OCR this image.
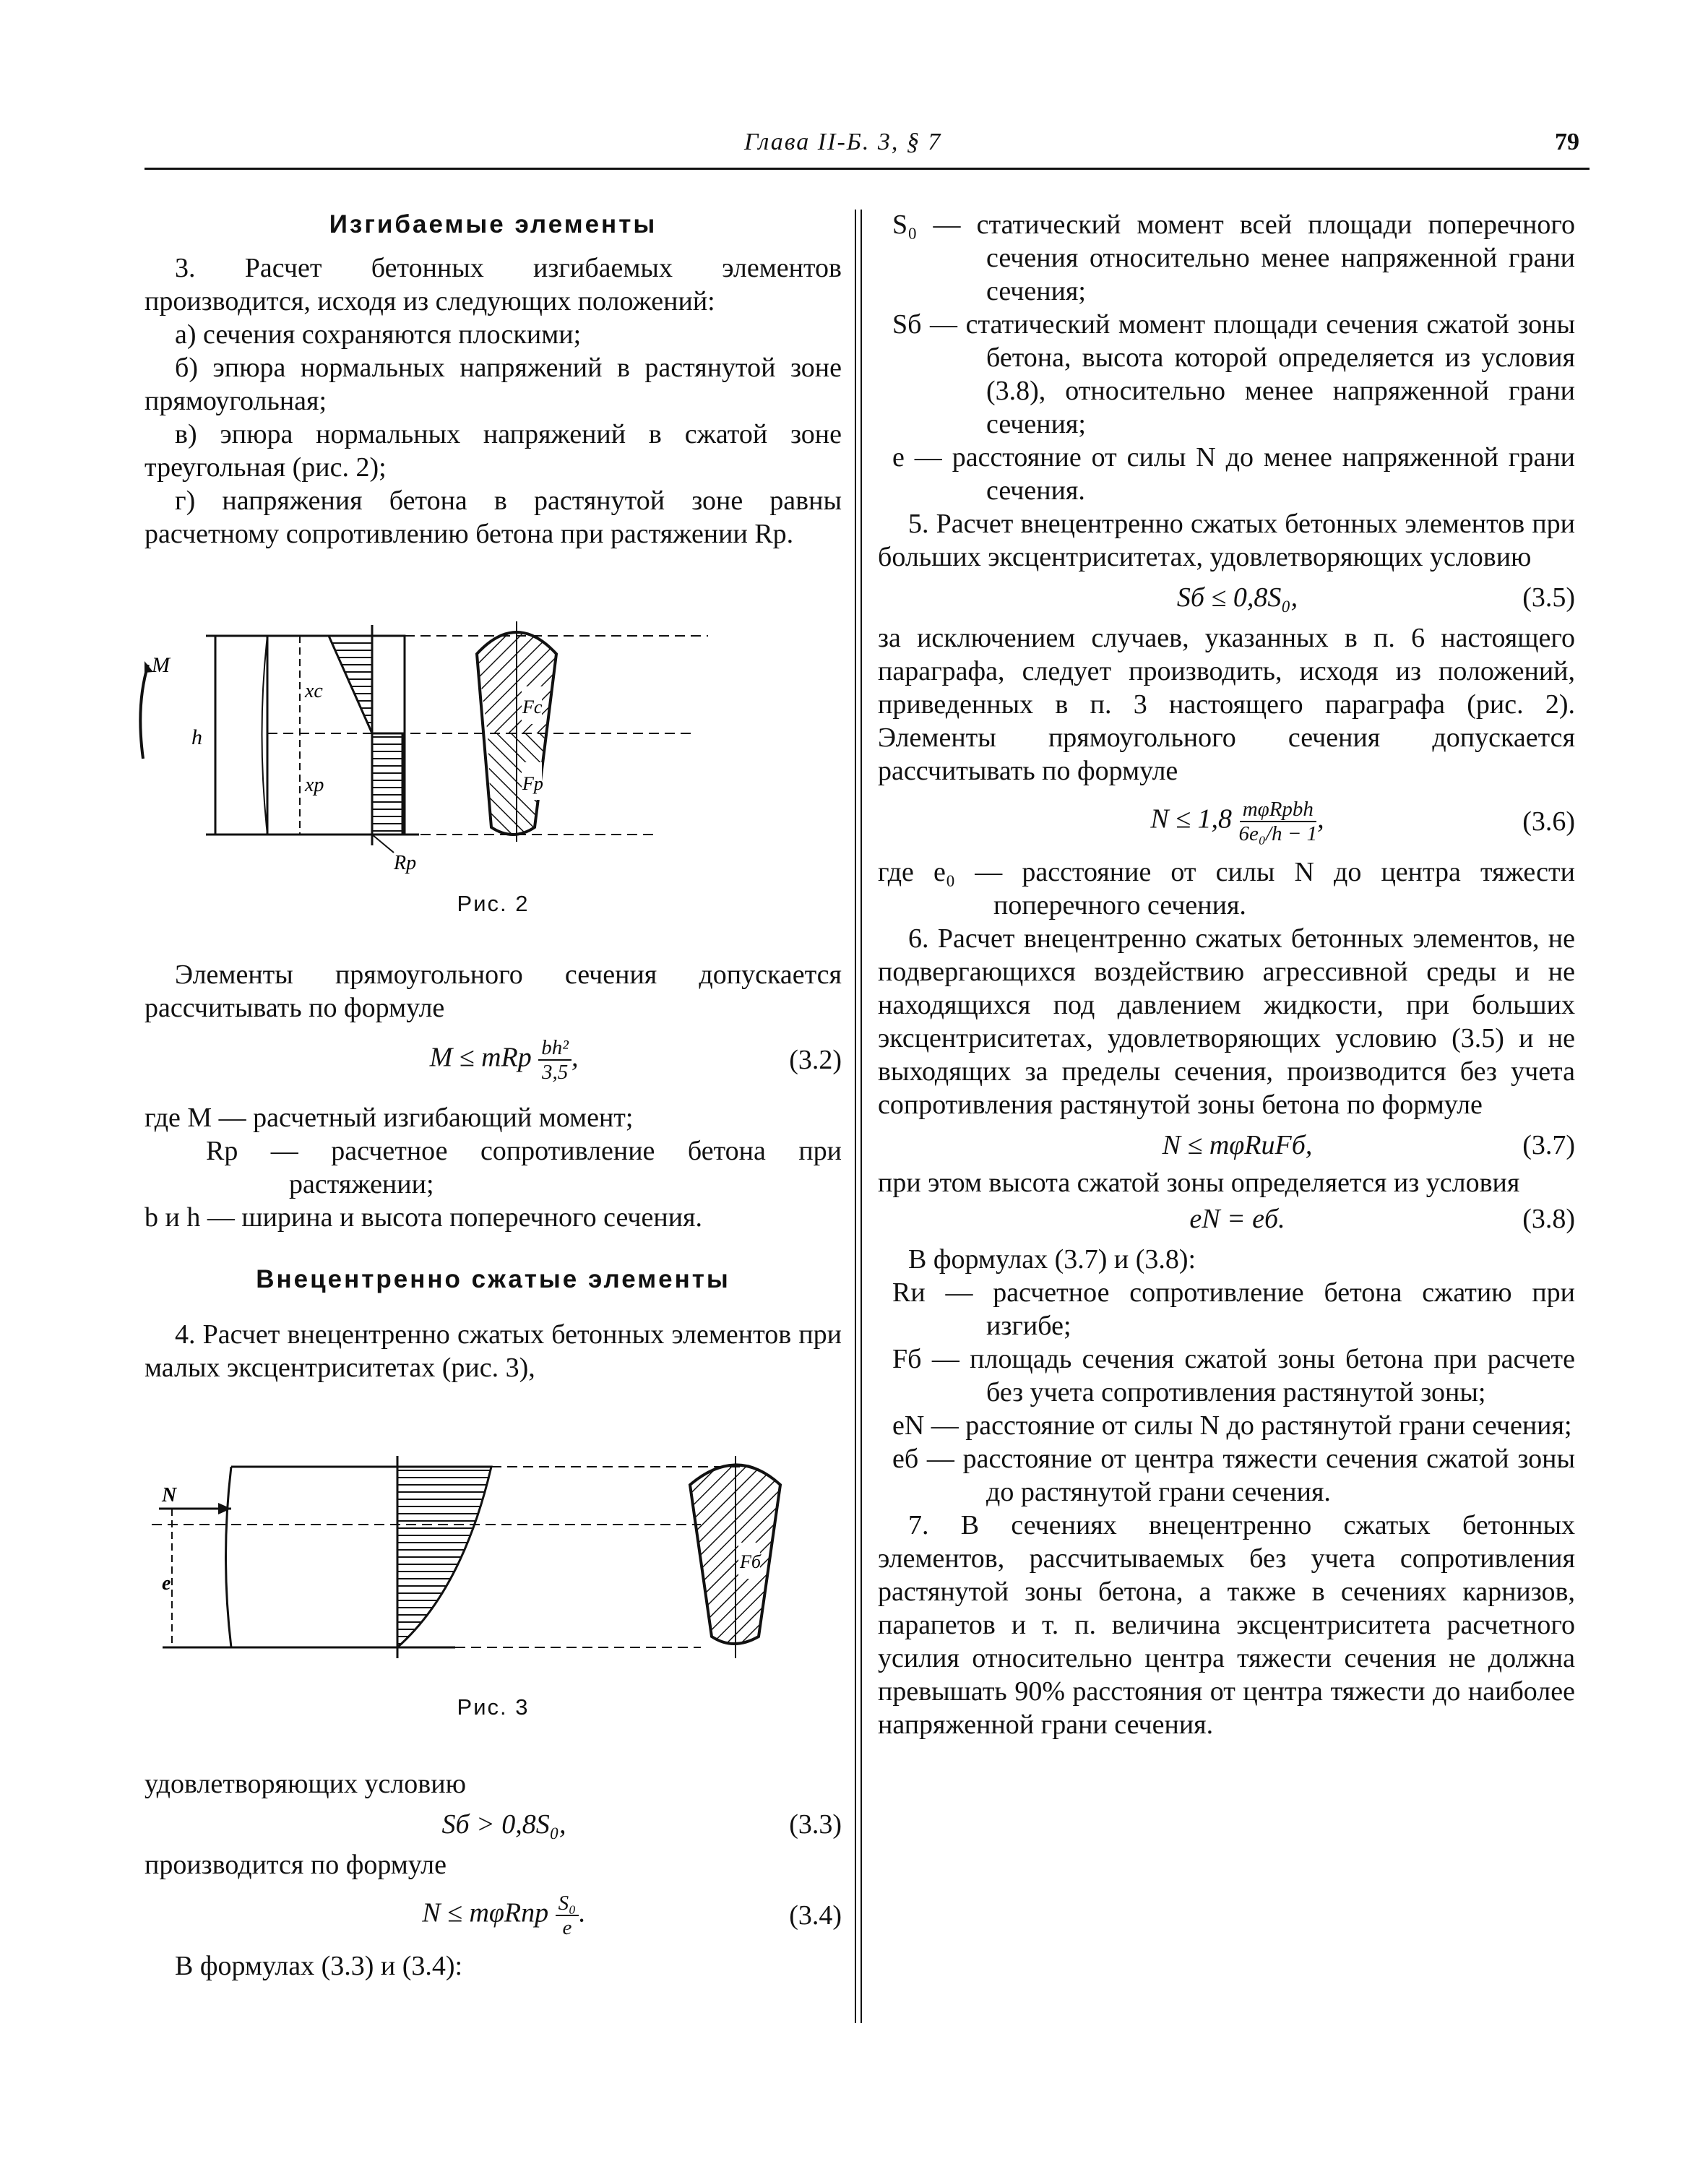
Глава II-Б. 3, § 7	79

Изгибаемые элементы

3. Расчет бетонных изгибаемых элементов производится, исходя из следующих положений:

а) сечения сохраняются плоскими;

б) эпюра нормальных напряжений в растянутой зоне прямоугольная;

в) эпюра нормальных напряжений в сжатой зоне треугольная (рис. 2);

г) напряжения бетона в растянутой зоне равны расчетному сопротивлению бетона при растяжении Rр.

M
h
xc
xp
Rp
Fc
Fp

Рис. 2

Элементы прямоугольного сечения допускается рассчитывать по формуле

M ≤ mRр $\frac{\text{bh²}}{3,5}$ ,	(3.2)

где M — расчетный изгибающий момент;

Rр — расчетное сопротивление бетона при растяжении;

b и h — ширина и высота поперечного сечения.

Внецентренно сжатые элементы

4. Расчет внецентренно сжатых бетонных элементов при малых эксцентриситетах (рис. 3),

N
e
Fб

Рис. 3

удовлетворяющих условию

Sб > 0,8S₀,	(3.3)

производится по формуле

N ≤ mφRпр $\frac{\text{S₀}}{e}$ .	(3.4)

В формулах (3.3) и (3.4):

S₀ — статический момент всей площади поперечного сечения относительно менее напряженной грани сечения;

Sб — статический момент площади сечения сжатой зоны бетона, высота которой определяется из условия (3.8), относительно менее напряженной грани сечения;

e — расстояние от силы N до менее напряженной грани сечения.

5. Расчет внецентренно сжатых бетонных элементов при больших эксцентриситетах, удовлетворяющих условию

Sб ≤ 0,8S₀,	(3.5)

за исключением случаев, указанных в п. 6 настоящего параграфа, следует производить, исходя из положений, приведенных в п. 3 настоящего параграфа (рис. 2). Элементы прямоугольного сечения допускается рассчитывать по формуле

$N \le 1,8 \frac{\text{mφRрbh}}{\text{6e₀/h − 1}}$ ,	(3.6)

где e₀ — расстояние от силы N до центра тяжести поперечного сечения.

6. Расчет внецентренно сжатых бетонных элементов, не подвергающихся воздействию агрессивной среды и не находящихся под давлением жидкости, при больших эксцентриситетах, удовлетворяющих условию (3.5) и не выходящих за пределы сечения, производится без учета сопротивления растянутой зоны бетона по формуле

N ≤ mφRиFб,	(3.7)

при этом высота сжатой зоны определяется из условия

eN = eб.	(3.8)

В формулах (3.7) и (3.8):

Rи — расчетное сопротивление бетона сжатию при изгибе;

Fб — площадь сечения сжатой зоны бетона при расчете без учета сопротивления растянутой зоны;

eN — расстояние от силы N до растянутой грани сечения;

eб — расстояние от центра тяжести сечения сжатой зоны до растянутой грани сечения.

7. В сечениях внецентренно сжатых бетонных элементов, рассчитываемых без учета сопротивления растянутой зоны бетона, а также в сечениях карнизов, парапетов и т. п. величина эксцентриситета расчетного усилия относительно центра тяжести сечения не должна превышать 90% расстояния от центра тяжести до наиболее напряженной грани сечения.
